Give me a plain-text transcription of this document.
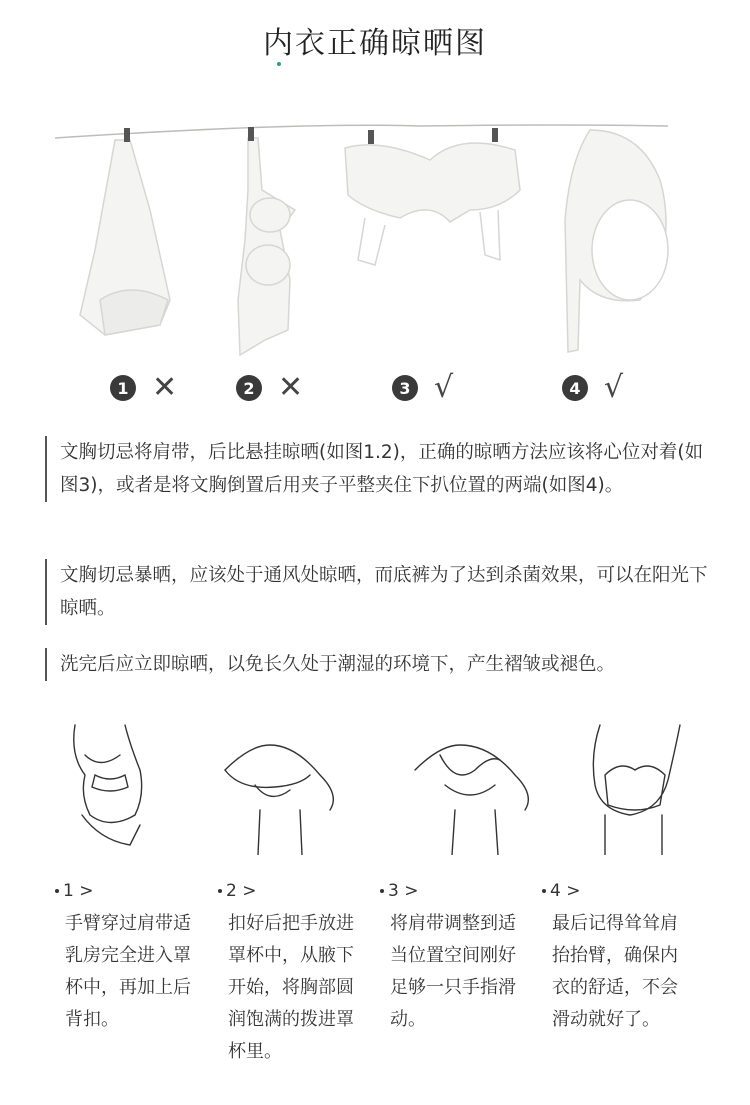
内衣正确晾晒图
1 ✕	2 ✕	3 √	4 √
文胸切忌将肩带，后比悬挂晾晒(如图1.2)，正确的晾晒方法应该将心位对着(如图3)，或者是将文胸倒置后用夹子平整夹住下扒位置的两端(如图4)。
文胸切忌暴晒，应该处于通风处晾晒，而底裤为了达到杀菌效果，可以在阳光下晾晒。
洗完后应立即晾晒，以免长久处于潮湿的环境下，产生褶皱或褪色。
1 >
手臂穿过肩带适乳房完全进入罩杯中，再加上后背扣。
2 >
扣好后把手放进罩杯中，从腋下开始，将胸部圆润饱满的拨进罩杯里。
3 >
将肩带调整到适当位置空间刚好足够一只手指滑动。
4 >
最后记得耸耸肩抬抬臂，确保内衣的舒适，不会滑动就好了。
